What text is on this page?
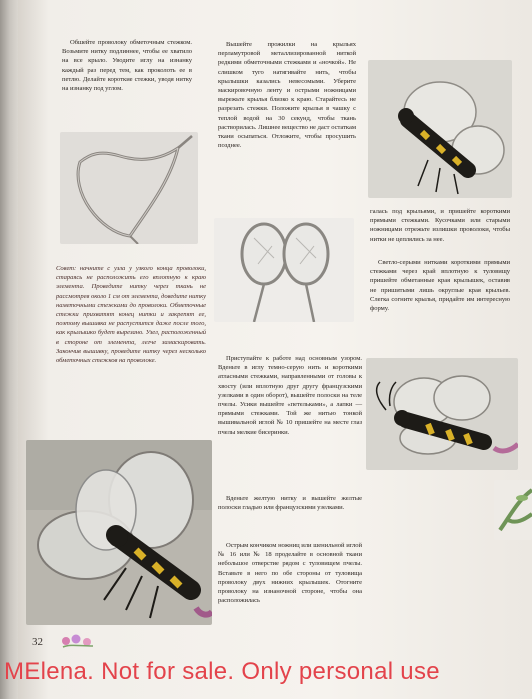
Обшейте проволоку обметочным стежком. Возьмите нитку подлиннее, чтобы ее хватило на все крыло. Уводите иглу на изнанку каждый раз перед тем, как проколоть ее в петлю. Делайте короткие стежки, уводя нитку на изнанку под углом.

Совет: начните с узла у узкого конца проволоки, стараясь не расположить его вплотную к краю элемента. Проведите нитку через ткань не рассмотрев около 1 см от элемента, доведите нитку наметочными стежками до проволоки. Обметочные стежки прихватят конец нитки и закрепят ее, поэтому вышивка не распустится даже после того, как крылышко будет вырезано. Узел, расположенный в стороне от элемента, легче замаскировать. Закончив вышивку, проведите нитку через несколько обметочных стежков на проволоке.

Вышейте прожилки на крыльях перламутровой металлизированной ниткой редкими обметочными стежками и «ночкой». Не слишком туго натягивайте нить, чтобы крылышки казались невесомыми. Уберите маскировочную ленту и острыми ножницами вырежьте крылья близко к краю. Старайтесь не разрезать стежки. Положите крылья в чашку с теплой водой на 30 секунд, чтобы ткань растворилась. Лишнее вещество не даст остаткам ткани осыпаться. Отложите, чтобы просушить позднее.

Приступайте к работе над основным узором. Вденьте в иглу темно-серую нить и короткими атласными стежками, направленными от головы к хвосту (или вплотную друг другу французскими узелками в один оборот), вышейте полоски на теле пчелы. Усики вышейте «петельками», а лапки — прямыми стежками. Той же нитью тонкой вышивальной иглой № 10 пришейте на месте глаз пчелы мелкие бисеринки.

Вденьте желтую нитку и вышейте желтые полоски гладью или французскими узелками.

Острым кончиком ножниц или шенильной иглой № 16 или № 18 проделайте в основной ткани небольшое отверстие рядом с туловищем пчелы. Вставьте в него по обе стороны от туловища проволоку двух нижних крылышек. Отогните проволоку на изнаночной стороне, чтобы она расположилась

галась под крыльями, и пришейте короткими прямыми стежками. Кусочками или старыми ножницами отрежьте излишки проволоки, чтобы нитки не цеплялись за нее.

Светло-серыми нитками короткими прямыми стежками через край вплотную к туловищу пришейте обметанные края крылышек, оставив не пришитыми лишь округлые края крыльев. Слегка согните крылья, придайте им интересную форму.

32
MElena. Not for sale. Only personal use
